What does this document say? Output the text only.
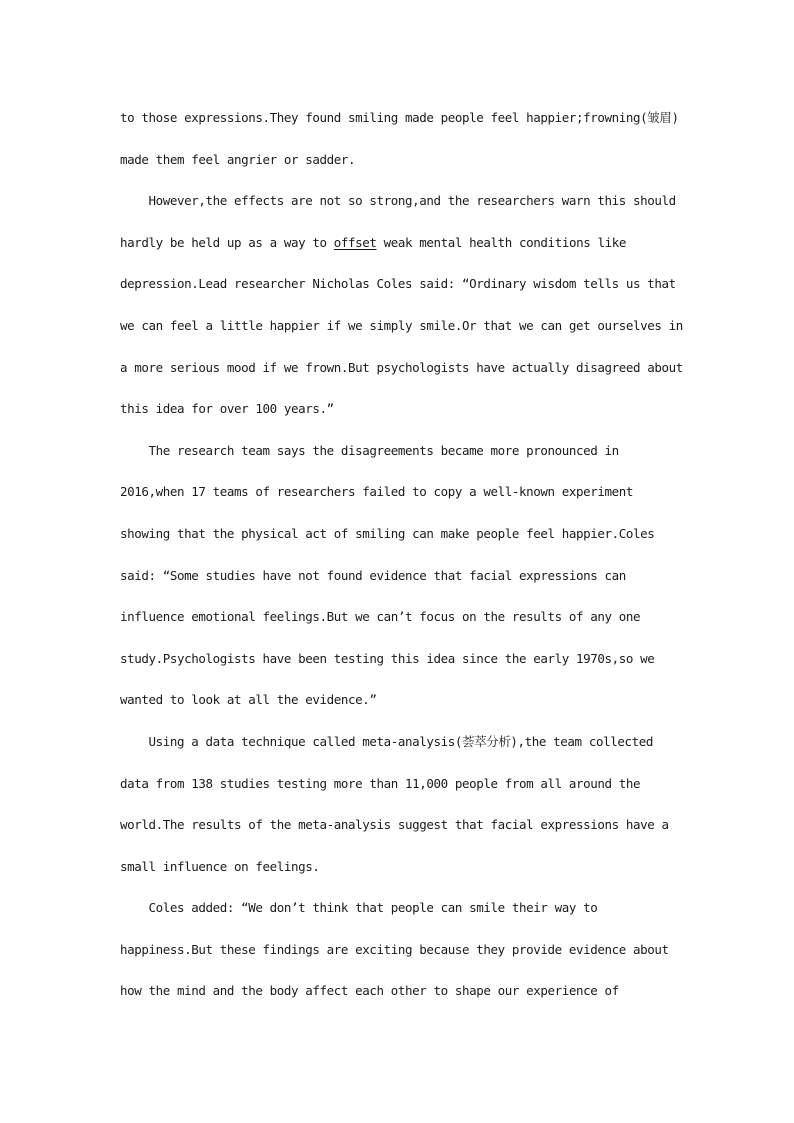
to those expressions.They found smiling made people feel happier;frowning(皱眉)
made them feel angrier or sadder.
However,the effects are not so strong,and the researchers warn this should
hardly be held up as a way to offset weak mental health conditions like
depression.Lead researcher Nicholas Coles said: “Ordinary wisdom tells us that
we can feel a little happier if we simply smile.Or that we can get ourselves in
a more serious mood if we frown.But psychologists have actually disagreed about
this idea for over 100 years.”
The research team says the disagreements became more pronounced in
2016,when 17 teams of researchers failed to copy a well-known experiment
showing that the physical act of smiling can make people feel happier.Coles
said: “Some studies have not found evidence that facial expressions can
influence emotional feelings.But we can’t focus on the results of any one
study.Psychologists have been testing this idea since the early 1970s,so we
wanted to look at all the evidence.”
Using a data technique called meta-analysis(荟萃分析),the team collected
data from 138 studies testing more than 11,000 people from all around the
world.The results of the meta-analysis suggest that facial expressions have a
small influence on feelings.
Coles added: “We don’t think that people can smile their way to
happiness.But these findings are exciting because they provide evidence about
how the mind and the body affect each other to shape our experience of
